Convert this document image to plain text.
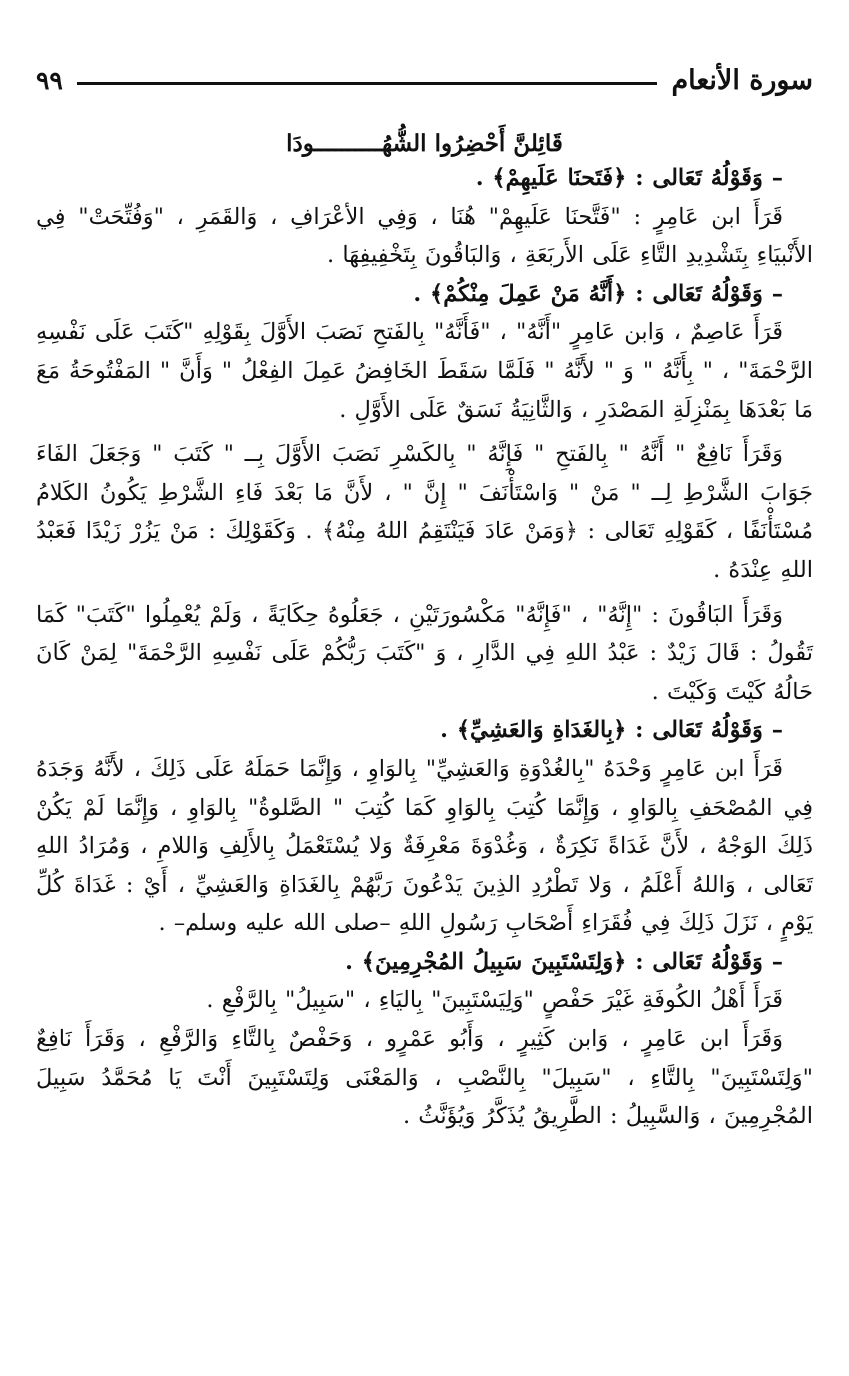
سورة الأنعام
٩٩
قَائِلنَّ أَحْضِرُوا الشُّهُــــــــــودَا

– وَقَوْلُهُ تَعَالى : ﴿فَتَحنَا عَلَيهِمْ﴾ .

قَرَأَ ابن عَامِرٍ : "فَتَّحنَا عَلَيهِمْ" هُنَا ، وَفِي الأعْرَافِ ، وَالقَمَرِ ، "وَفُتِّحَتْ" فِي الأَنْبيَاءِ بِتَشْدِيدِ التَّاءِ عَلَى الأَربَعَةِ ، وَالبَاقُونَ بِتَخْفِيفِهَا .

– وَقَوْلُهُ تَعَالى : ﴿أَنَّهُ مَنْ عَمِلَ مِنْكُمْ﴾ .

قَرَأَ عَاصِمٌ ، وَابن عَامِرٍ "أَنَّهُ" ، "فَأَنَّهُ" بِالفَتحِ نَصَبَ الأَوَّلَ بِقَوْلِهِ "كَتَبَ عَلَى نَفْسِهِ الرَّحْمَةَ" ، " بِأَنَّهُ " وَ " لأَنَّهُ " فَلَمَّا سَقَطَ الخَافِضُ عَمِلَ الفِعْلُ " وَأَنَّ " المَفْتُوحَةُ مَعَ مَا بَعْدَهَا بِمَنْزِلَةِ المَصْدَرِ ، وَالثَّانِيَةُ نَسَقٌ عَلَى الأَوَّلِ .

وَقَرَأَ نَافِعٌ " أَنَّهُ " بِالفَتحِ " فَإِنَّهُ " بِالكَسْرِ نَصَبَ الأَوَّلَ بِــ " كَتَبَ " وَجَعَلَ الفَاءَ جَوَابَ الشَّرْطِ لِــ " مَنْ " وَاسْتَأْنَفَ " إِنَّ " ، لأَنَّ مَا بَعْدَ فَاءِ الشَّرْطِ يَكُونُ الكَلامُ مُسْتَأْنَفًا ، كَقَوْلِهِ تَعَالى : ﴿وَمَنْ عَادَ فَيَنْتَقِمُ اللهُ مِنْهُ﴾ . وَكَقَوْلِكَ : مَنْ يَزُرْ زَيْدًا فَعَبْدُ اللهِ عِنْدَهُ .

وَقَرَأَ البَاقُونَ : "إِنَّهُ" ، "فَإِنَّهُ" مَكْسُورَتَيْنِ ، جَعَلُوهُ حِكَايَةً ، وَلَمْ يُعْمِلُوا "كَتَبَ" كَمَا تَقُولُ : قَالَ زَيْدٌ : عَبْدُ اللهِ فِي الدَّارِ ، وَ "كَتَبَ رَبُّكُمْ عَلَى نَفْسِهِ الرَّحْمَةَ" لِمَنْ كَانَ حَالُهُ كَيْتَ وَكَيْتَ .

– وَقَوْلُهُ تَعَالى : ﴿بِالغَدَاةِ وَالعَشِيِّ﴾ .

قَرَأَ ابن عَامِرٍ وَحْدَهُ "بِالغُدْوَةِ وَالعَشِيِّ" بِالوَاوِ ، وَإِنَّمَا حَمَلَهُ عَلَى ذَلِكَ ، لأَنَّهُ وَجَدَهُ فِي المُصْحَفِ بِالوَاوِ ، وَإِنَّمَا كُتِبَ بِالوَاوِ كَمَا كُتِبَ " الصَّلوةُ" بِالوَاوِ ، وَإِنَّمَا لَمْ يَكُنْ ذَلِكَ الوَجْهُ ، لأَنَّ غَدَاةً نَكِرَةٌ ، وَغُدْوَةَ مَعْرِفَةٌ وَلا يُسْتَعْمَلُ بِالأَلِفِ وَاللامِ ، وَمُرَادُ اللهِ تَعَالى ، وَاللهُ أَعْلَمُ ، وَلا تَطْرُدِ الذِينَ يَدْعُونَ رَبَّهُمْ بِالغَدَاةِ وَالعَشِيِّ ، أَيْ : غَدَاةَ كُلِّ يَوْمٍ ، نَزَلَ ذَلِكَ فِي فُقَرَاءِ أَصْحَابِ رَسُولِ اللهِ –صلى الله عليه وسلم– .

– وَقَوْلُهُ تَعَالى : ﴿وَلِتَسْتَبِينَ سَبِيلُ المُجْرِمِينَ﴾ .

قَرَأَ أَهْلُ الكُوفَةِ غَيْرَ حَفْصٍ "وَلِيَسْتَبِينَ" بِاليَاءِ ، "سَبِيلُ" بِالرَّفْعِ .

وَقَرَأَ ابن عَامِرٍ ، وَابن كَثِيرٍ ، وَأَبُو عَمْرٍو ، وَحَفْصٌ بِالتَّاءِ وَالرَّفْعِ ، وَقَرَأَ نَافِعٌ "وَلِتَسْتَبِينَ" بِالتَّاءِ ، "سَبِيلَ" بِالنَّصْبِ ، وَالمَعْنَى وَلِتَسْتَبِينَ أَنْتَ يَا مُحَمَّدُ سَبِيلَ المُجْرِمِينَ ، وَالسَّبِيلُ : الطَّرِيقُ يُذَكَّرُ وَيُؤَنَّثُ .
